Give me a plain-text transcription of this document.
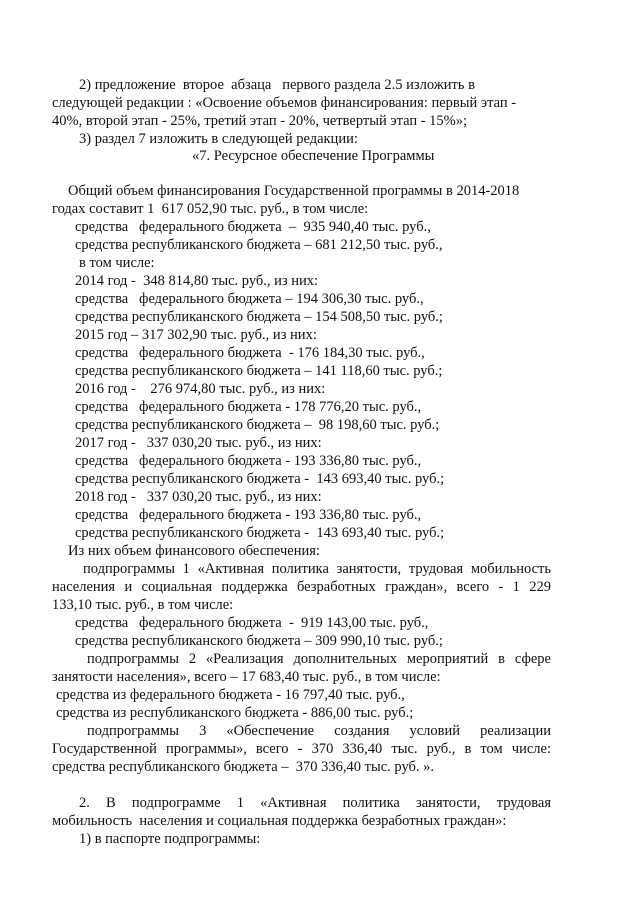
2) предложение  второе  абзаца   первого раздела 2.5 изложить в

следующей редакции : «Освоение объемов финансирования: первый этап -

40%, второй этап - 25%, третий этап - 20%, четвертый этап - 15%»;

3) раздел 7 изложить в следующей редакции:

«7. Ресурсное обеспечение Программы

Общий объем финансирования Государственной программы в 2014-2018

годах составит 1  617 052,90 тыс. руб., в том числе:

средства   федерального бюджета  –  935 940,40 тыс. руб.,

средства республиканского бюджета – 681 212,50 тыс. руб.,

в том числе:

2014 год -  348 814,80 тыс. руб., из них:

средства   федерального бюджета – 194 306,30 тыс. руб.,

средства республиканского бюджета – 154 508,50 тыс. руб.;

2015 год – 317 302,90 тыс. руб., из них:

средства   федерального бюджета  - 176 184,30 тыс. руб.,

средства республиканского бюджета – 141 118,60 тыс. руб.;

2016 год -    276 974,80 тыс. руб., из них:

средства   федерального бюджета - 178 776,20 тыс. руб.,

средства республиканского бюджета –  98 198,60 тыс. руб.;

2017 год -   337 030,20 тыс. руб., из них:

средства   федерального бюджета - 193 336,80 тыс. руб.,

средства республиканского бюджета -  143 693,40 тыс. руб.;

2018 год -   337 030,20 тыс. руб., из них:

средства   федерального бюджета - 193 336,80 тыс. руб.,

средства республиканского бюджета -  143 693,40 тыс. руб.;

Из них объем финансового обеспечения:

подпрограммы 1 «Активная политика занятости, трудовая мобильность

населения и социальная поддержка безработных граждан», всего - 1 229

133,10 тыс. руб., в том числе:

средства   федерального бюджета  -  919 143,00 тыс. руб.,

средства республиканского бюджета – 309 990,10 тыс. руб.;

подпрограммы 2 «Реализация дополнительных мероприятий в сфере

занятости населения», всего – 17 683,40 тыс. руб., в том числе:

средства из федерального бюджета - 16 797,40 тыс. руб.,

средства из республиканского бюджета - 886,00 тыс. руб.;

подпрограммы 3 «Обеспечение создания условий реализации

Государственной программы», всего - 370 336,40 тыс. руб., в том числе:

средства республиканского бюджета –  370 336,40 тыс. руб. ».

2. В подпрограмме 1 «Активная политика занятости, трудовая

мобильность  населения и социальная поддержка безработных граждан»:

1) в паспорте подпрограммы:
